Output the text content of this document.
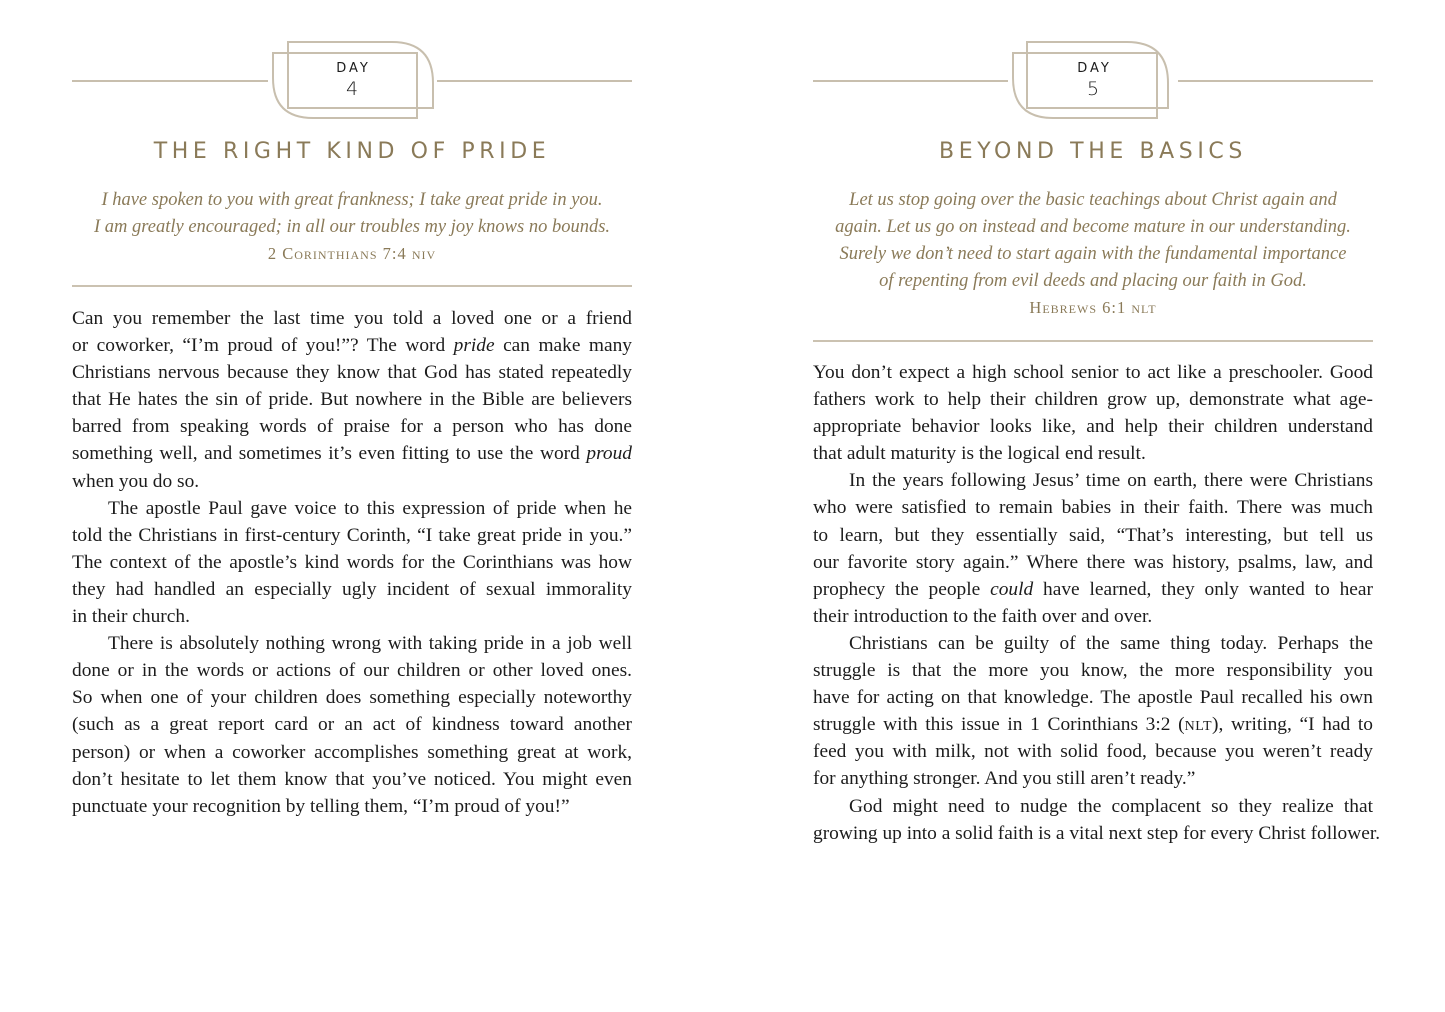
DAY
4
THE RIGHT KIND OF PRIDE
I have spoken to you with great frankness; I take great pride in you.
I am greatly encouraged; in all our troubles my joy knows no bounds.
2 Corinthians 7:4 niv
Can you remember the last time you told a loved one or a friend
or coworker, “I’m proud of you!”? The word pride can make many
Christians nervous because they know that God has stated repeatedly
that He hates the sin of pride. But nowhere in the Bible are believers
barred from speaking words of praise for a person who has done
something well, and sometimes it’s even fitting to use the word proud
when you do so.
The apostle Paul gave voice to this expression of pride when he
told the Christians in first-century Corinth, “I take great pride in you.”
The context of the apostle’s kind words for the Corinthians was how
they had handled an especially ugly incident of sexual immorality
in their church.
There is absolutely nothing wrong with taking pride in a job well
done or in the words or actions of our children or other loved ones.
So when one of your children does something especially noteworthy
(such as a great report card or an act of kindness toward another
person) or when a coworker accomplishes something great at work,
don’t hesitate to let them know that you’ve noticed. You might even
punctuate your recognition by telling them, “I’m proud of you!”
DAY
5
BEYOND THE BASICS
Let us stop going over the basic teachings about Christ again and
again. Let us go on instead and become mature in our understanding.
Surely we don’t need to start again with the fundamental importance
of repenting from evil deeds and placing our faith in God.
Hebrews 6:1 nlt
You don’t expect a high school senior to act like a preschooler. Good
fathers work to help their children grow up, demonstrate what age-
appropriate behavior looks like, and help their children understand
that adult maturity is the logical end result.
In the years following Jesus’ time on earth, there were Christians
who were satisfied to remain babies in their faith. There was much
to learn, but they essentially said, “That’s interesting, but tell us
our favorite story again.” Where there was history, psalms, law, and
prophecy the people could have learned, they only wanted to hear
their introduction to the faith over and over.
Christians can be guilty of the same thing today. Perhaps the
struggle is that the more you know, the more responsibility you
have for acting on that knowledge. The apostle Paul recalled his own
struggle with this issue in 1 Corinthians 3:2 (nlt), writing, “I had to
feed you with milk, not with solid food, because you weren’t ready
for anything stronger. And you still aren’t ready.”
God might need to nudge the complacent so they realize that
growing up into a solid faith is a vital next step for every Christ follower.
